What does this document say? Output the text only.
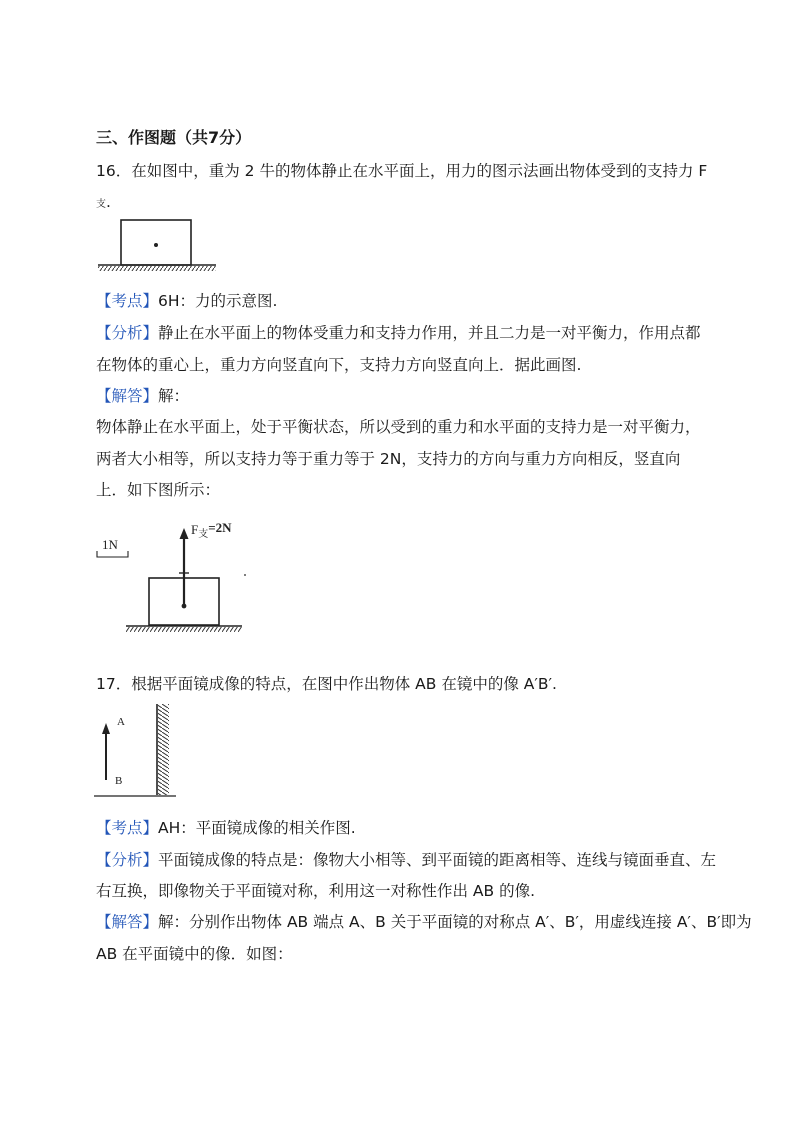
三、作图题（共7分）
16．在如图中，重为 2 牛的物体静止在水平面上，用力的图示法画出物体受到的支持力 F
支.
【考点】6H：力的示意图.
【分析】静止在水平面上的物体受重力和支持力作用，并且二力是一对平衡力，作用点都
在物体的重心上，重力方向竖直向下，支持力方向竖直向上．据此画图.
【解答】解：
物体静止在水平面上，处于平衡状态，所以受到的重力和水平面的支持力是一对平衡力，
两者大小相等，所以支持力等于重力等于 2N，支持力的方向与重力方向相反，竖直向
上．如下图所示：
1N
$F_支=2N$
17．根据平面镜成像的特点，在图中作出物体 AB 在镜中的像 A′B′.
A
B
【考点】AH：平面镜成像的相关作图.
【分析】平面镜成像的特点是：像物大小相等、到平面镜的距离相等、连线与镜面垂直、左
右互换，即像物关于平面镜对称，利用这一对称性作出 AB 的像.
【解答】解：分别作出物体 AB 端点 A、B 关于平面镜的对称点 A′、B′，用虚线连接 A′、B′即为
AB 在平面镜中的像．如图：
